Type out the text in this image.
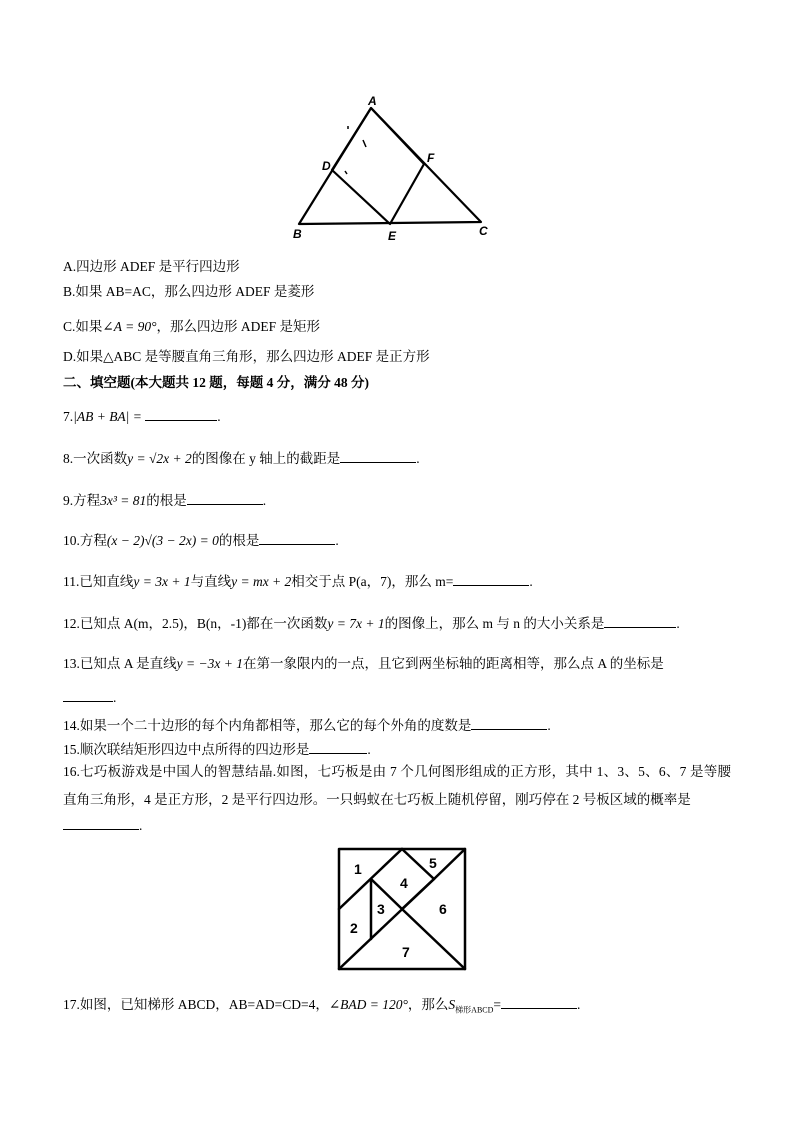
A
D
F
B	E	C
A.四边形 ADEF 是平行四边形
B.如果 AB=AC，那么四边形 ADEF 是菱形
C.如果∠A = 90°，那么四边形 ADEF 是矩形
D.如果△ABC 是等腰直角三角形，那么四边形 ADEF 是正方形
二、填空题(本大题共 12 题，每题 4 分，满分 48 分)
7.|AB + BA| =	.
8.一次函数y = √2x + 2的图像在 y 轴上的截距是	.
9.方程3x³ = 81的根是	.
10.方程(x − 2)√(3 − 2x) = 0的根是	.
11.已知直线y = 3x + 1与直线y = mx + 2相交于点 P(a，7)，那么 m=	.
12.已知点 A(m，2.5)，B(n，-1)都在一次函数y = 7x + 1的图像上，那么 m 与 n 的大小关系是	.
13.已知点 A 是直线y = −3x + 1在第一象限内的一点，且它到两坐标轴的距离相等，那么点 A 的坐标是
.
14.如果一个二十边形的每个内角都相等，那么它的每个外角的度数是	.
15.顺次联结矩形四边中点所得的四边形是	.
16.七巧板游戏是中国人的智慧结晶.如图，七巧板是由 7 个几何图形组成的正方形，其中 1、3、5、6、7 是等腰直角三角形，4 是正方形，2 是平行四边形。一只蚂蚁在七巧板上随机停留，刚巧停在 2 号板区域的概率是
.
1
2
3
4
5
6
7
17.如图，已知梯形 ABCD，AB=AD=CD=4，∠BAD = 120°，那么$S_{梯形ABCD}=$	.
